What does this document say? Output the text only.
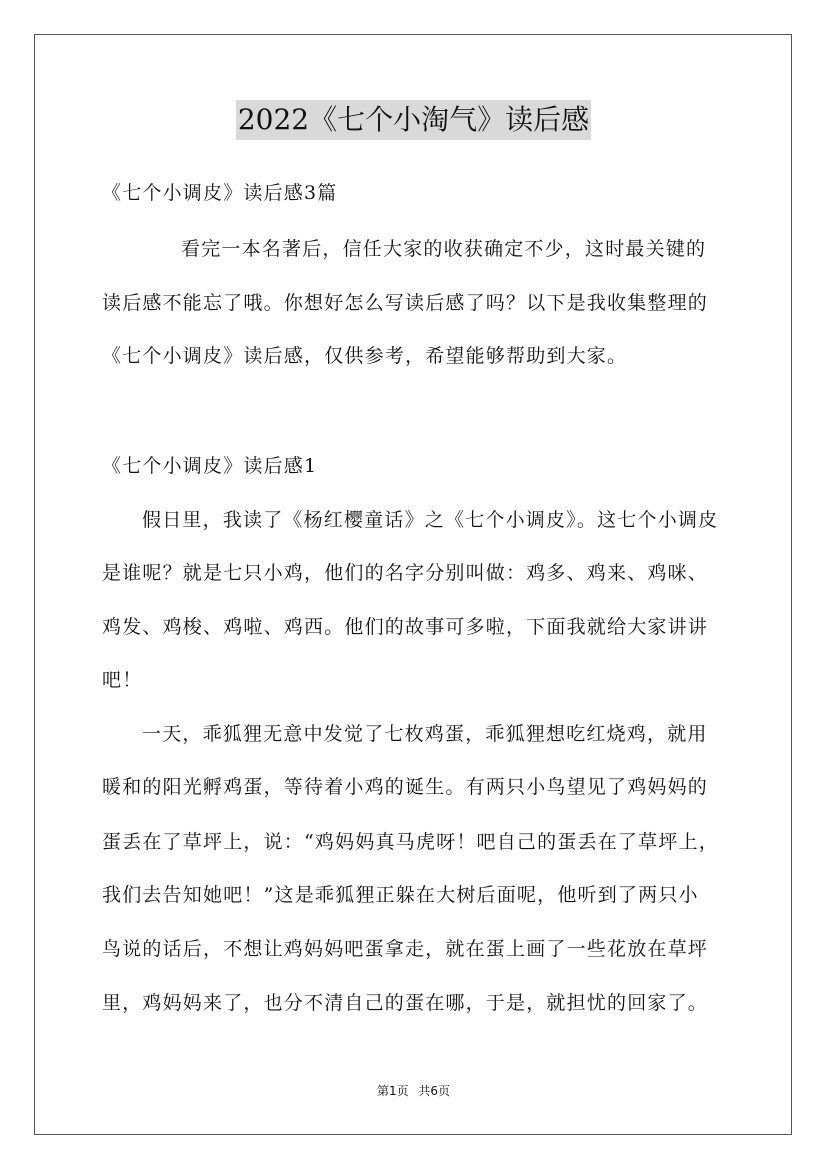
2022《七个小淘气》读后感
《七个小调皮》读后感3篇
看完一本名著后，信任大家的收获确定不少，这时最关键的
读后感不能忘了哦。你想好怎么写读后感了吗？以下是我收集整理的
《七个小调皮》读后感，仅供参考，希望能够帮助到大家。
《七个小调皮》读后感1
假日里，我读了《杨红樱童话》之《七个小调皮》。这七个小调皮
是谁呢？就是七只小鸡，他们的名字分别叫做：鸡多、鸡来、鸡咪、
鸡发、鸡梭、鸡啦、鸡西。他们的故事可多啦，下面我就给大家讲讲
吧！
一天，乖狐狸无意中发觉了七枚鸡蛋，乖狐狸想吃红烧鸡，就用
暖和的阳光孵鸡蛋，等待着小鸡的诞生。有两只小鸟望见了鸡妈妈的
蛋丢在了草坪上，说：“鸡妈妈真马虎呀！吧自己的蛋丢在了草坪上，
我们去告知她吧！”这是乖狐狸正躲在大树后面呢，他听到了两只小
鸟说的话后，不想让鸡妈妈吧蛋拿走，就在蛋上画了一些花放在草坪
里，鸡妈妈来了，也分不清自己的蛋在哪，于是，就担忧的回家了。
第1页 共6页
